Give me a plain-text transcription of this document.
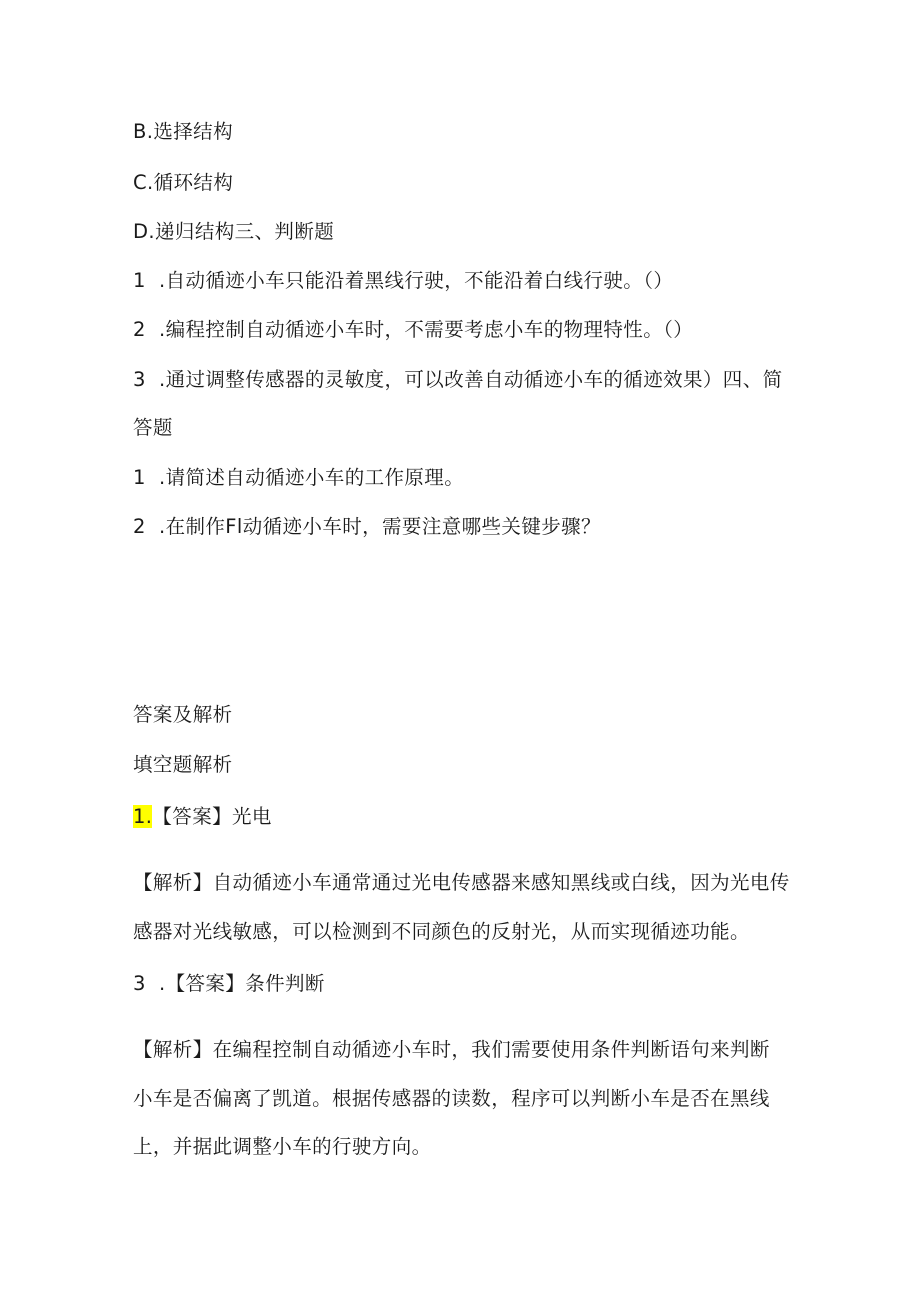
B.选择结构
C.循环结构
D.递归结构三、判断题
1  .自动循迹小车只能沿着黑线行驶，不能沿着白线行驶。（）
2  .编程控制自动循迹小车时，不需要考虑小车的物理特性。（）
3  .通过调整传感器的灵敏度，可以改善自动循迹小车的循迹效果）四、简
答题
1  .请简述自动循迹小车的工作原理。
2  .在制作Fl动循迹小车时，需要注意哪些关键步骤？
答案及解析
填空题解析
1.【答案】光电
【解析】自动循迹小车通常通过光电传感器来感知黑线或白线，因为光电传
感器对光线敏感，可以检测到不同颜色的反射光，从而实现循迹功能。
3  .【答案】条件判断
【解析】在编程控制自动循迹小车时，我们需要使用条件判断语句来判断
小车是否偏离了凯道。根据传感器的读数，程序可以判断小车是否在黑线
上，并据此调整小车的行驶方向。
